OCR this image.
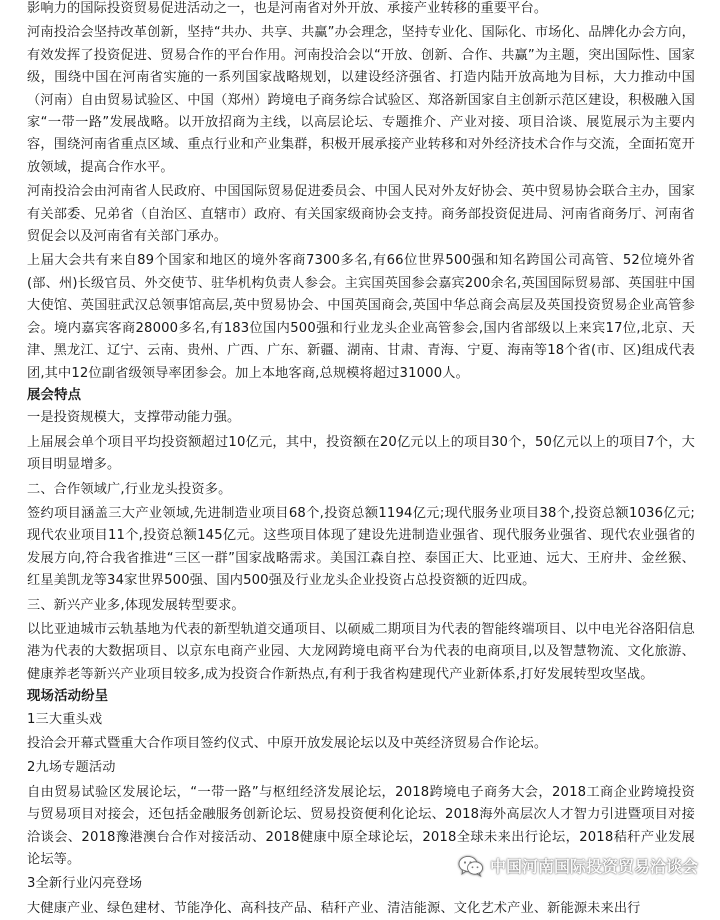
影响力的国际投资贸易促进活动之一，也是河南省对外开放、承接产业转移的重要平台。

河南投洽会坚持改革创新，坚持“共办、共享、共赢”办会理念，坚持专业化、国际化、市场化、品牌化办会方向，有效发挥了投资促进、贸易合作的平台作用。河南投洽会以“开放、创新、合作、共赢”为主题，突出国际性、国家级，围绕中国在河南省实施的一系列国家战略规划，以建设经济强省、打造内陆开放高地为目标，大力推动中国（河南）自由贸易试验区、中国（郑州）跨境电子商务综合试验区、郑洛新国家自主创新示范区建设，积极融入国家“一带一路”发展战略。以开放招商为主线，以高层论坛、专题推介、产业对接、项目洽谈、展览展示为主要内容，围绕河南省重点区域、重点行业和产业集群，积极开展承接产业转移和对外经济技术合作与交流，全面拓宽开放领域，提高合作水平。

河南投洽会由河南省人民政府、中国国际贸易促进委员会、中国人民对外友好协会、英中贸易协会联合主办，国家有关部委、兄弟省（自治区、直辖市）政府、有关国家级商协会支持。商务部投资促进局、河南省商务厅、河南省贸促会以及河南省有关部门承办。

上届大会共有来自89个国家和地区的境外客商7300多名,有66位世界500强和知名跨国公司高管、52位境外省(部、州)长级官员、外交使节、驻华机构负责人参会。主宾国英国参会嘉宾200余名,英国国际贸易部、英国驻中国大使馆、英国驻武汉总领事馆高层,英中贸易协会、中国英国商会,英国中华总商会高层及英国投资贸易企业高管参会。境内嘉宾客商28000多名,有183位国内500强和行业龙头企业高管参会,国内省部级以上来宾17位,北京、天津、黑龙江、辽宁、云南、贵州、广西、广东、新疆、湖南、甘肃、青海、宁夏、海南等18个省(市、区)组成代表团,其中12位副省级领导率团参会。加上本地客商,总规模将超过31000人。

展会特点

一是投资规模大，支撑带动能力强。

上届展会单个项目平均投资额超过10亿元，其中，投资额在20亿元以上的项目30个，50亿元以上的项目7个，大项目明显增多。

二、合作领域广,行业龙头投资多。

签约项目涵盖三大产业领域,先进制造业项目68个,投资总额1194亿元;现代服务业项目38个,投资总额1036亿元;现代农业项目11个,投资总额145亿元。这些项目体现了建设先进制造业强省、现代服务业强省、现代农业强省的发展方向,符合我省推进“三区一群”国家战略需求。美国江森自控、泰国正大、比亚迪、远大、王府井、金丝猴、红星美凯龙等34家世界500强、国内500强及行业龙头企业投资占总投资额的近四成。

三、新兴产业多,体现发展转型要求。

以比亚迪城市云轨基地为代表的新型轨道交通项目、以硕威二期项目为代表的智能终端项目、以中电光谷洛阳信息港为代表的大数据项目、以京东电商产业园、大龙网跨境电商平台为代表的电商项目,以及智慧物流、文化旅游、健康养老等新兴产业项目较多,成为投资合作新热点,有利于我省构建现代产业新体系,打好发展转型攻坚战。

现场活动纷呈

1三大重头戏

投洽会开幕式暨重大合作项目签约仪式、中原开放发展论坛以及中英经济贸易合作论坛。

2九场专题活动

自由贸易试验区发展论坛，“一带一路”与枢纽经济发展论坛，2018跨境电子商务大会，2018工商企业跨境投资与贸易项目对接会，还包括金融服务创新论坛、贸易投资便利化论坛、2018海外高层次人才智力引进暨项目对接洽谈会、2018豫港澳台合作对接活动、2018健康中原全球论坛，2018全球未来出行论坛，2018秸秆产业发展论坛等。

3全新行业闪亮登场

大健康产业、绿色建材、节能净化、高科技产品、秸秆产业、清洁能源、文化艺术产业、新能源未来出行

中国河南国际投资贸易洽谈会
